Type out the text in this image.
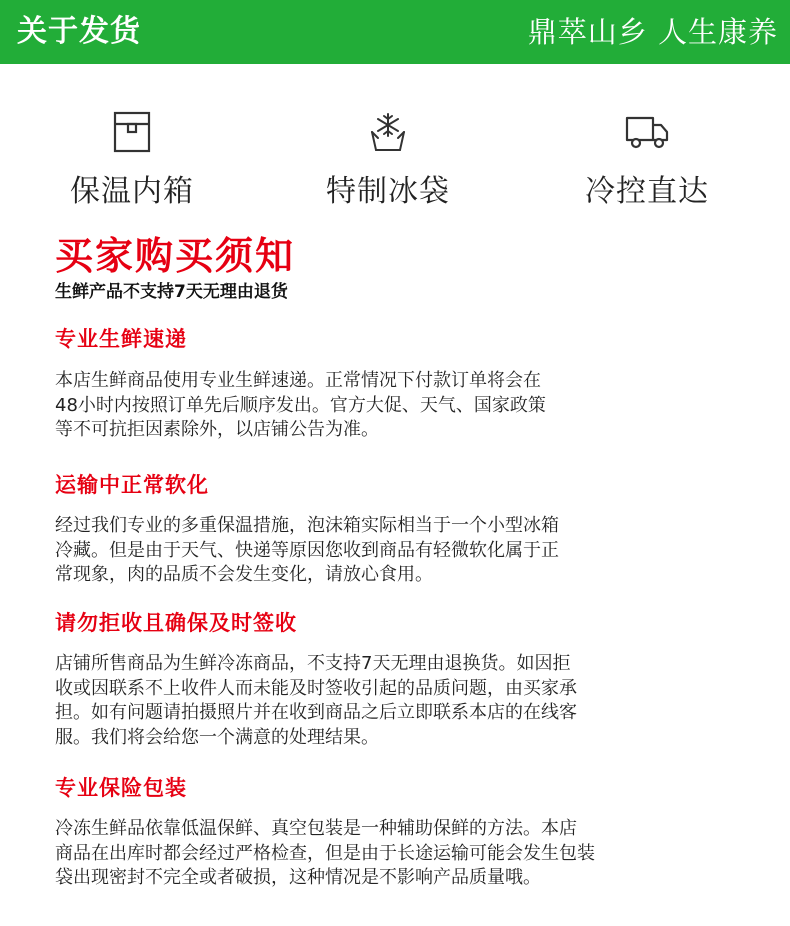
关于发货	鼎萃山乡 人生康养
保温内箱	特制冰袋	冷控直达
买家购买须知
生鲜产品不支持7天无理由退货
专业生鲜速递

本店生鲜商品使用专业生鲜速递。正常情况下付款订单将会在
48小时内按照订单先后顺序发出。官方大促、天气、国家政策
等不可抗拒因素除外，以店铺公告为准。

运输中正常软化

经过我们专业的多重保温措施，泡沫箱实际相当于一个小型冰箱
冷藏。但是由于天气、快递等原因您收到商品有轻微软化属于正
常现象，肉的品质不会发生变化，请放心食用。

请勿拒收且确保及时签收

店铺所售商品为生鲜冷冻商品，不支持7天无理由退换货。如因拒
收或因联系不上收件人而未能及时签收引起的品质问题，由买家承
担。如有问题请拍摄照片并在收到商品之后立即联系本店的在线客
服。我们将会给您一个满意的处理结果。

专业保险包装

冷冻生鲜品依靠低温保鲜、真空包装是一种辅助保鲜的方法。本店
商品在出库时都会经过严格检查，但是由于长途运输可能会发生包装
袋出现密封不完全或者破损，这种情况是不影响产品质量哦。
